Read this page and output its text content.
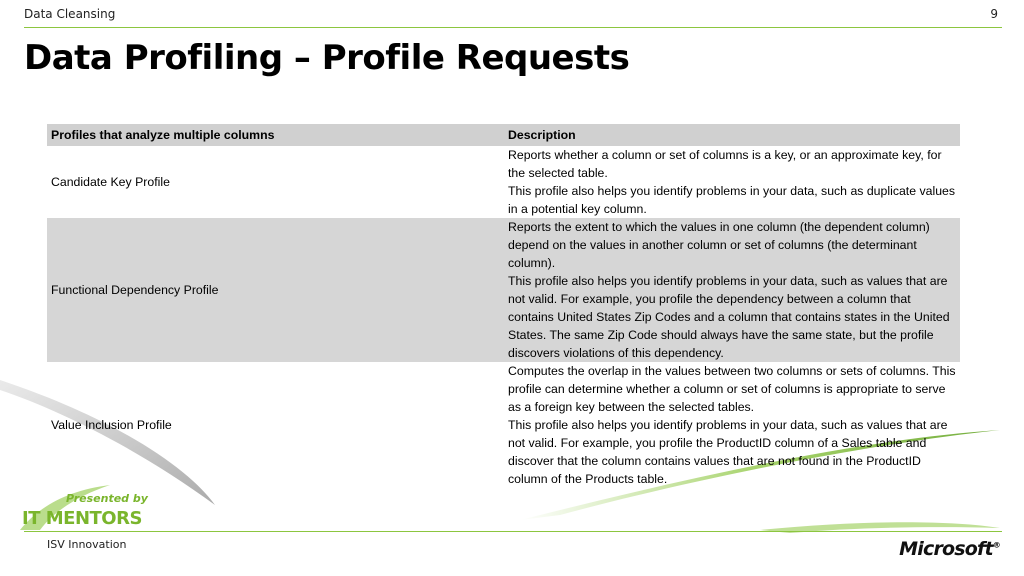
Data Cleansing	9
Data Profiling – Profile Requests
Profiles that analyze multiple columns	Description
Candidate Key Profile	Reports whether a column or set of columns is a key, or an approximate key, for the selected table.

This profile also helps you identify problems in your data, such as duplicate values in a potential key column.

Functional Dependency Profile	Reports the extent to which the values in one column (the dependent column) depend on the values in another column or set of columns (the determinant column).

This profile also helps you identify problems in your data, such as values that are not valid. For example, you profile the dependency between a column that contains United States Zip Codes and a column that contains states in the United States. The same Zip Code should always have the same state, but the profile discovers violations of this dependency.

Value Inclusion Profile	Computes the overlap in the values between two columns or sets of columns. This profile can determine whether a column or set of columns is appropriate to serve as a foreign key between the selected tables.

This profile also helps you identify problems in your data, such as values that are not valid. For example, you profile the ProductID column of a Sales table and discover that the column contains values that are not found in the ProductID column of the Products table.

Presented by
IT MENTORS
ISV Innovation	Microsoft®
